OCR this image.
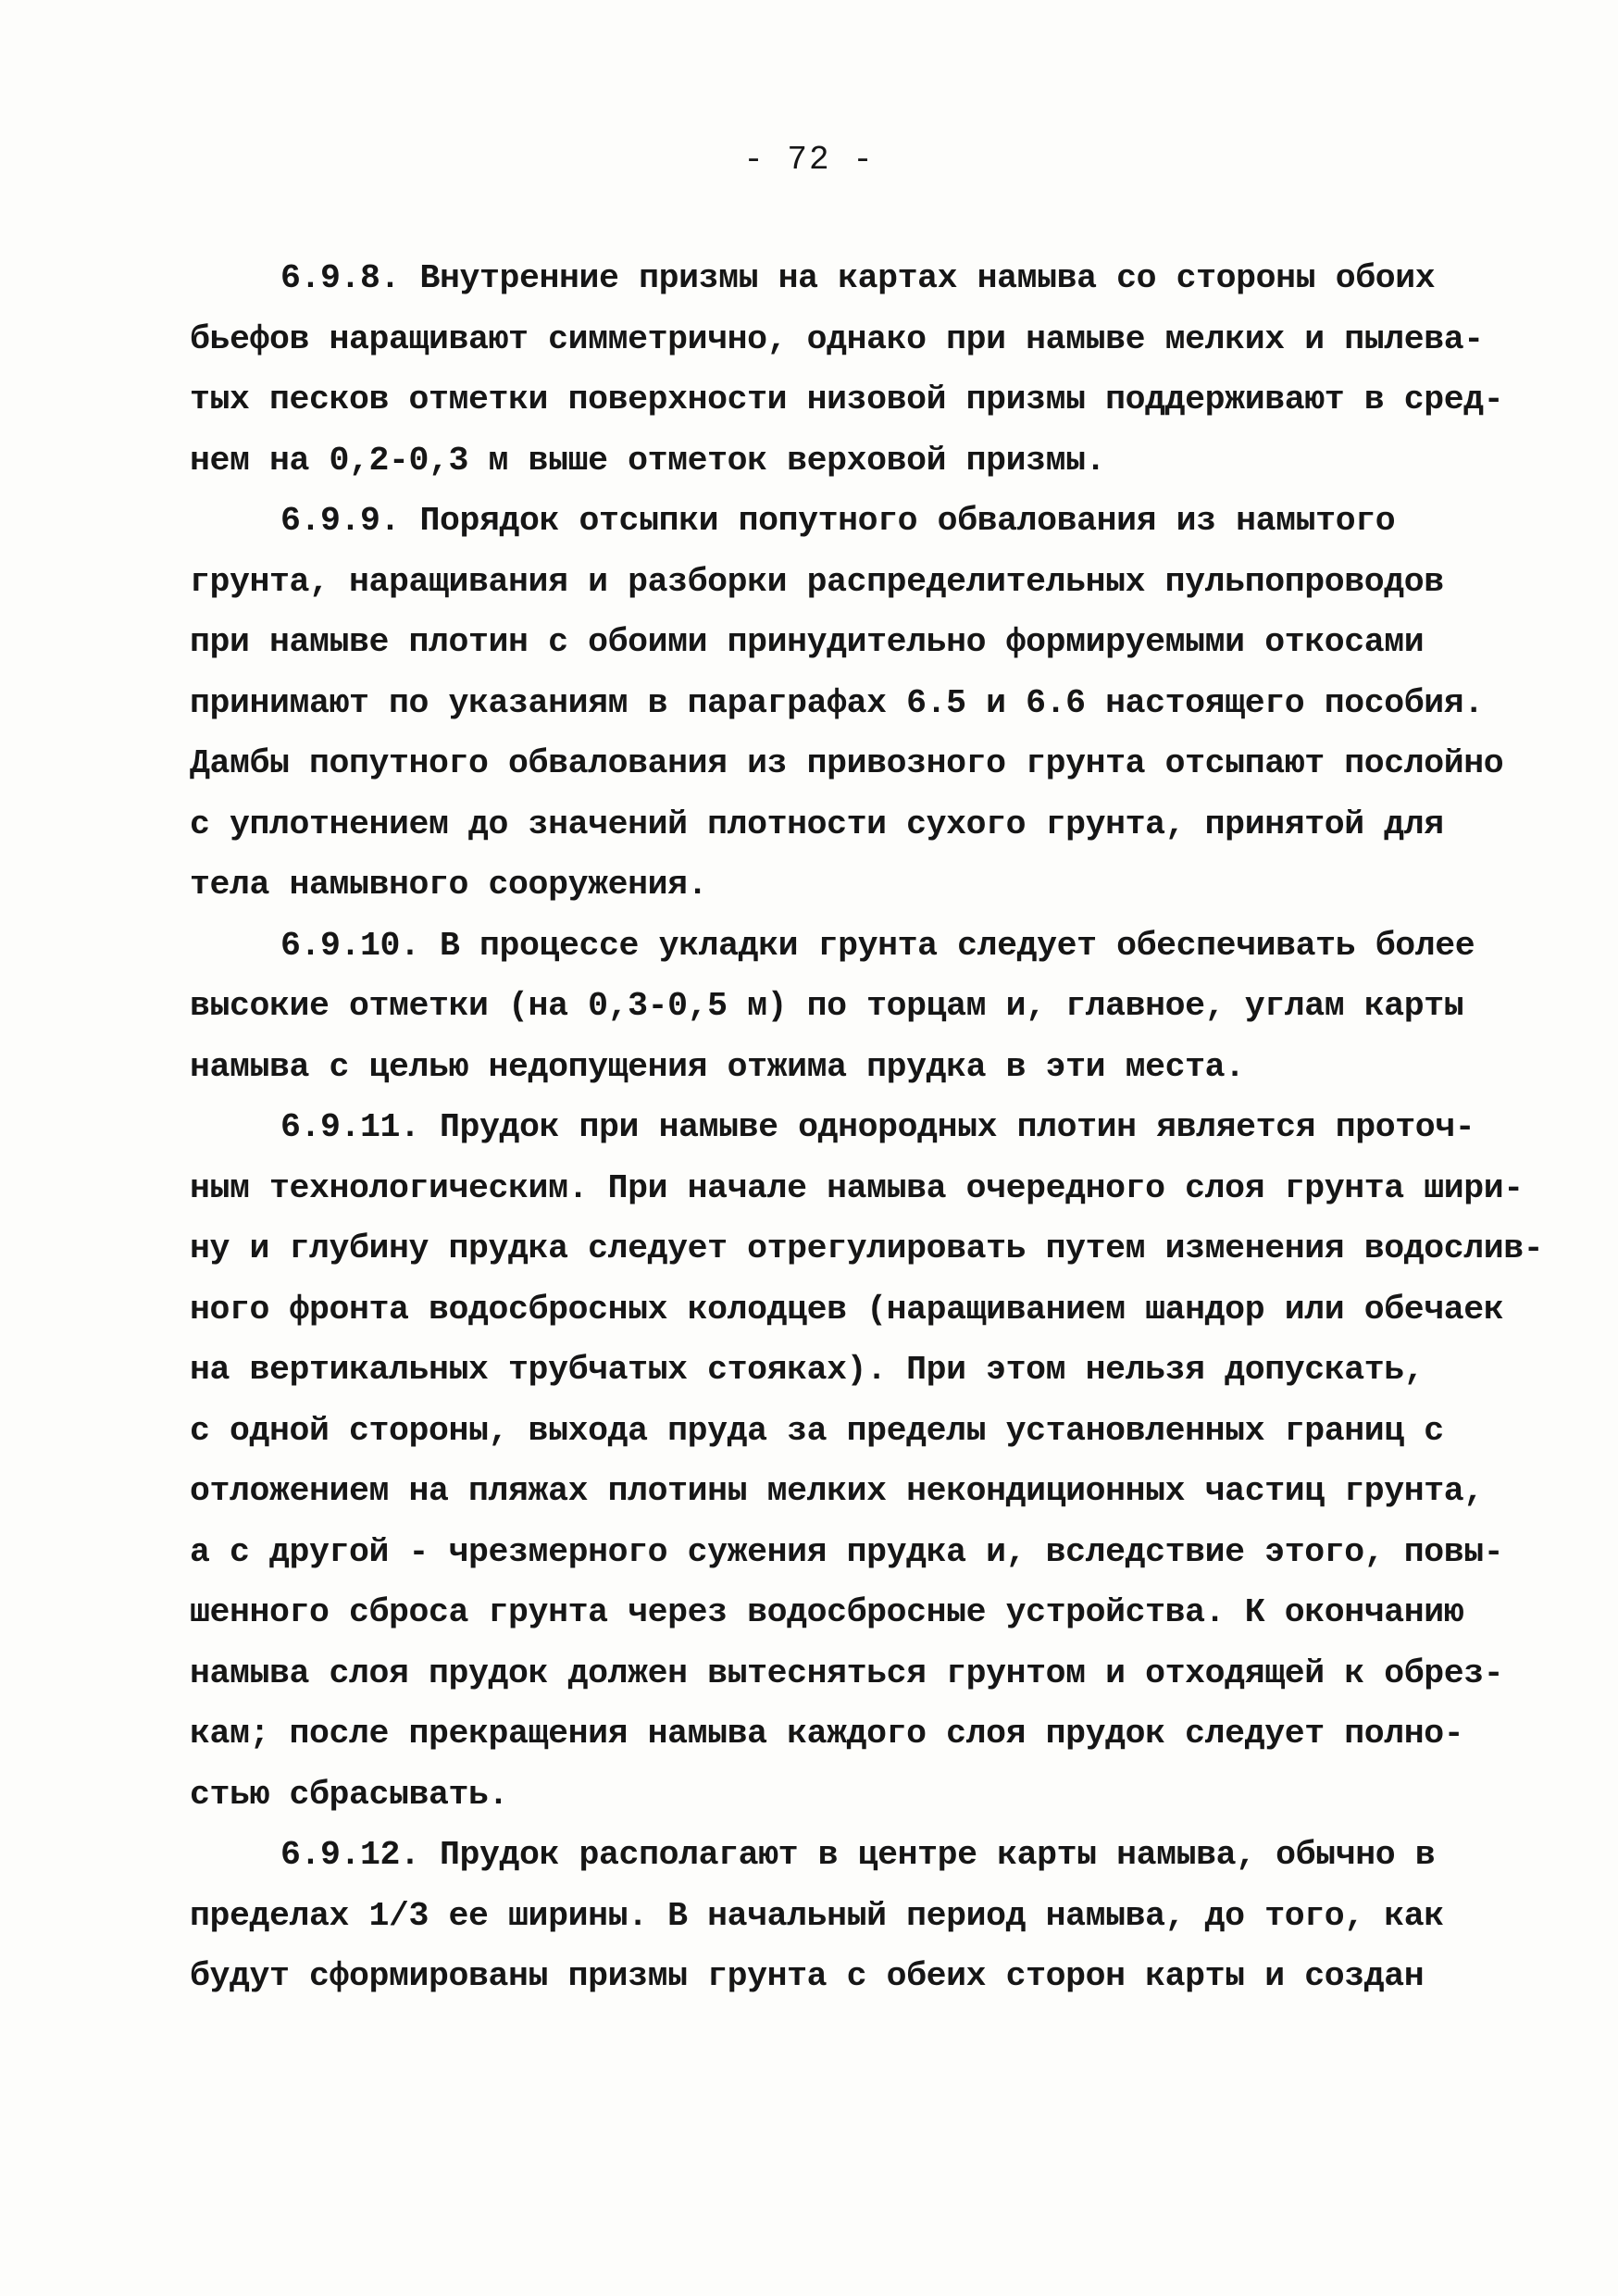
- 72 -
6.9.8. Внутренние призмы на картах намыва со стороны обоих
бьефов наращивают симметрично, однако при намыве мелких и пылева-
тых песков отметки поверхности низовой призмы поддерживают в сред-
нем на 0,2-0,3 м выше отметок верховой призмы.
6.9.9. Порядок отсыпки попутного обвалования из намытого
грунта, наращивания и разборки распределительных пульпопроводов
при намыве плотин с обоими принудительно формируемыми откосами
принимают по указаниям в параграфах 6.5 и 6.6 настоящего пособия.
Дамбы попутного обвалования из привозного грунта отсыпают послойно
с уплотнением до значений плотности сухого грунта, принятой для
тела намывного сооружения.
6.9.10. В процессе укладки грунта следует обеспечивать более
высокие отметки (на 0,3-0,5 м) по торцам и, главное, углам карты
намыва с целью недопущения отжима прудка в эти места.
6.9.11. Прудок при намыве однородных плотин является проточ-
ным технологическим. При начале намыва очередного слоя грунта шири-
ну и глубину прудка следует отрегулировать путем изменения водослив-
ного фронта водосбросных колодцев (наращиванием шандор или обечаек
на вертикальных трубчатых стояках). При этом нельзя допускать,
с одной стороны, выхода пруда за пределы установленных границ с
отложением на пляжах плотины мелких некондиционных частиц грунта,
а с другой - чрезмерного сужения прудка и, вследствие этого, повы-
шенного сброса грунта через водосбросные устройства. К окончанию
намыва слоя прудок должен вытесняться грунтом и отходящей к обрез-
кам; после прекращения намыва каждого слоя прудок следует полно-
стью сбрасывать.
6.9.12. Прудок располагают в центре карты намыва, обычно в
пределах 1/3 ее ширины. В начальный период намыва, до того, как
будут сформированы призмы грунта с обеих сторон карты и создан
